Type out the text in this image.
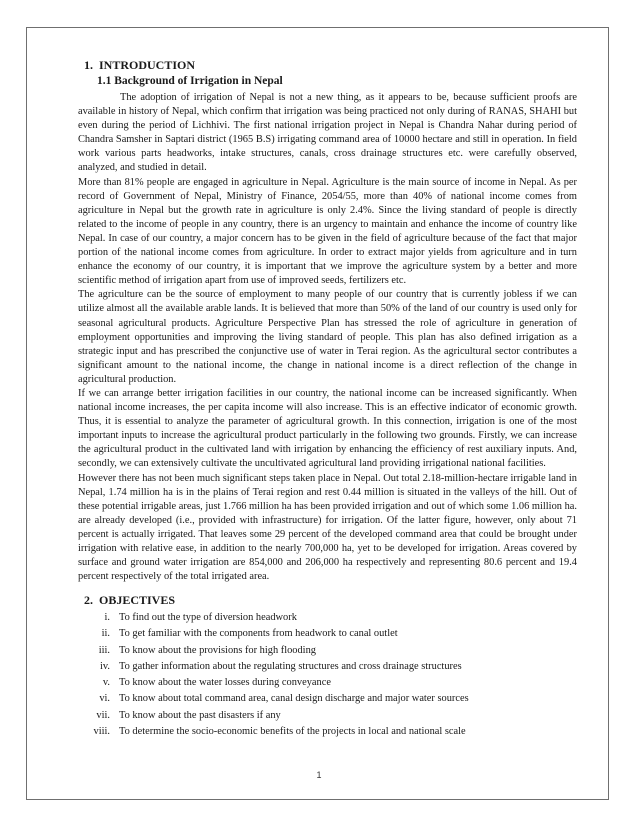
1. INTRODUCTION
1.1 Background of Irrigation in Nepal

The adoption of irrigation of Nepal is not a new thing, as it appears to be, because sufficient proofs are available in history of Nepal, which confirm that irrigation was being practiced not only during of RANAS, SHAHI but even during the period of Lichhivi. The first national irrigation project in Nepal is Chandra Nahar during period of Chandra Samsher in Saptari district (1965 B.S) irrigating command area of 10000 hectare and still in operation. In field work various parts headworks, intake structures, canals, cross drainage structures etc. were carefully observed, analyzed, and studied in detail.

More than 81% people are engaged in agriculture in Nepal. Agriculture is the main source of income in Nepal. As per record of Government of Nepal, Ministry of Finance, 2054/55, more than 40% of national income comes from agriculture in Nepal but the growth rate in agriculture is only 2.4%. Since the living standard of people is directly related to the income of people in any country, there is an urgency to maintain and enhance the income of country like Nepal. In case of our country, a major concern has to be given in the field of agriculture because of the fact that major portion of the national income comes from agriculture. In order to extract major yields from agriculture and in turn enhance the economy of our country, it is important that we improve the agriculture system by a better and more scientific method of irrigation apart from use of improved seeds, fertilizers etc.

The agriculture can be the source of employment to many people of our country that is currently jobless if we can utilize almost all the available arable lands. It is believed that more than 50% of the land of our country is used only for seasonal agricultural products. Agriculture Perspective Plan has stressed the role of agriculture in generation of employment opportunities and improving the living standard of people. This plan has also defined irrigation as a strategic input and has prescribed the conjunctive use of water in Terai region. As the agricultural sector contributes a significant amount to the national income, the change in national income is a direct reflection of the change in agricultural production.

If we can arrange better irrigation facilities in our country, the national income can be increased significantly. When national income increases, the per capita income will also increase. This is an effective indicator of economic growth. Thus, it is essential to analyze the parameter of agricultural growth. In this connection, irrigation is one of the most important inputs to increase the agricultural product particularly in the following two grounds. Firstly, we can increase the agricultural product in the cultivated land with irrigation by enhancing the efficiency of rest auxiliary inputs. And, secondly, we can extensively cultivate the uncultivated agricultural land providing irrigational national facilities.

However there has not been much significant steps taken place in Nepal. Out total 2.18-million-hectare irrigable land in Nepal, 1.74 million ha is in the plains of Terai region and rest 0.44 million is situated in the valleys of the hill. Out of these potential irrigable areas, just 1.766 million ha has been provided irrigation and out of which some 1.06 million ha. are already developed (i.e., provided with infrastructure) for irrigation. Of the latter figure, however, only about 71 percent is actually irrigated. That leaves some 29 percent of the developed command area that could be brought under irrigation with relative ease, in addition to the nearly 700,000 ha, yet to be developed for irrigation. Areas covered by surface and ground water irrigation are 854,000 and 206,000 ha respectively and representing 80.6 percent and 19.4 percent respectively of the total irrigated area.

2. OBJECTIVES
i. To find out the type of diversion headwork
ii. To get familiar with the components from headwork to canal outlet
iii. To know about the provisions for high flooding
iv. To gather information about the regulating structures and cross drainage structures
v. To know about the water losses during conveyance
vi. To know about total command area, canal design discharge and major water sources
vii. To know about the past disasters if any
viii. To determine the socio-economic benefits of the projects in local and national scale
1
